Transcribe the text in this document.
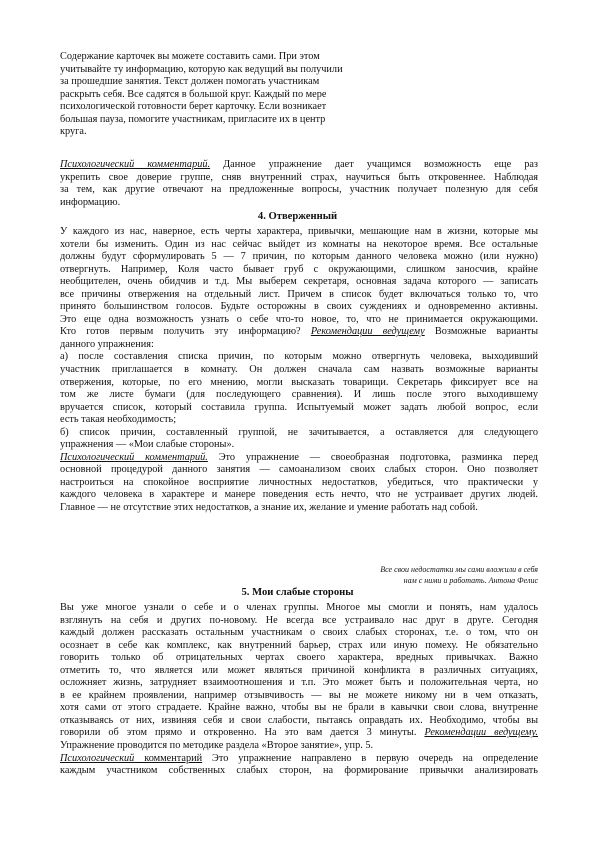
Содержание карточек вы можете составить сами. При этом
учитывайте ту информацию, которую как ведущий вы получили
за прошедшие занятия. Текст должен помогать участникам
раскрыть себя. Все садятся в большой круг. Каждый по мере
психологической готовности берет карточку. Если возникает
большая пауза, помогите участникам, пригласите их в центр
круга.
Психологический комментарий. Данное упражнение дает учащимся возможность еще раз
укрепить свое доверие группе, сняв внутренний страх, научиться быть откровеннее. Наблюдая
за тем, как другие отвечают на предложенные вопросы, участник получает полезную для себя
информацию.
4. Отверженный
У каждого из нас, наверное, есть черты характера, привычки, мешающие нам в жизни, которые мы
хотели бы изменить. Один из нас сейчас выйдет из комнаты на некоторое время. Все остальные
должны будут сформулировать 5 — 7 причин, по которым данного человека можно (или нужно)
отвергнуть. Например, Коля часто бывает груб с окружающими, слишком заносчив, крайне
необщителен, очень обидчив и т.д. Мы выберем секретаря, основная задача которого — записать
все причины отвержения на отдельный лист. Причем в список будет включаться только то, что
принято большинством голосов. Будьте осторожны в своих суждениях и одновременно активны.
Это еще одна возможность узнать о себе что-то новое, то, что не принимается окружающими.
Кто готов первым получить эту информацию? Рекомендации ведущему Возможные варианты
данного упражнения:
а) после составления списка причин, по которым можно отвергнуть человека, выходивший
участник приглашается в комнату. Он должен сначала сам назвать возможные варианты
отвержения, которые, по его мнению, могли высказать товарищи. Секретарь фиксирует все на
том же листе бумаги (для последующего сравнения). И лишь после этого выходившему
вручается список, который составила группа. Испытуемый может задать любой вопрос, если
есть такая необходимость;
б) список причин, составленный группой, не зачитывается, а оставляется для следующего
упражнения — «Мои слабые стороны».
Психологический комментарий. Это упражнение — своеобразная подготовка, разминка перед
основной процедурой данного занятия — самоанализом своих слабых сторон. Оно позволяет
настроиться на спокойное восприятие личностных недостатков, убедиться, что практически у
каждого человека в характере и манере поведения есть нечто, что не устраивает других людей.
Главное — не отсутствие этих недостатков, а знание их, желание и умение работать над собой.
Все свои недостатки мы сами вложили в себя
нам с ними и работать. Антона Фелис
5. Мои слабые стороны
Вы уже многое узнали о себе и о членах группы. Многое мы смогли и понять, нам удалось
взглянуть на себя и других по-новому. Не всегда все устраивало нас друг в друге. Сегодня
каждый должен рассказать остальным участникам о своих слабых сторонах, т.е. о том, что он
осознает в себе как комплекс, как внутренний барьер, страх или иную помеху. Не обязательно
говорить только об отрицательных чертах своего характера, вредных привычках. Важно
отметить то, что является или может являться причиной конфликта в различных ситуациях,
осложняет жизнь, затрудняет взаимоотношения и т.п. Это может быть и положительная черта, но
в ее крайнем проявлении, например отзывчивость — вы не можете никому ни в чем отказать,
хотя сами от этого страдаете. Крайне важно, чтобы вы не брали в кавычки свои слова, внутренне
отказываясь от них, извиняя себя и свои слабости, пытаясь оправдать их. Необходимо, чтобы вы
говорили об этом прямо и откровенно. На это вам дается 3 минуты. Рекомендации ведущему.
Упражнение проводится по методике раздела «Второе занятие», упр. 5.
Психологический комментарий Это упражнение направлено в первую очередь на определение
каждым участником собственных слабых сторон, на формирование привычки анализировать
